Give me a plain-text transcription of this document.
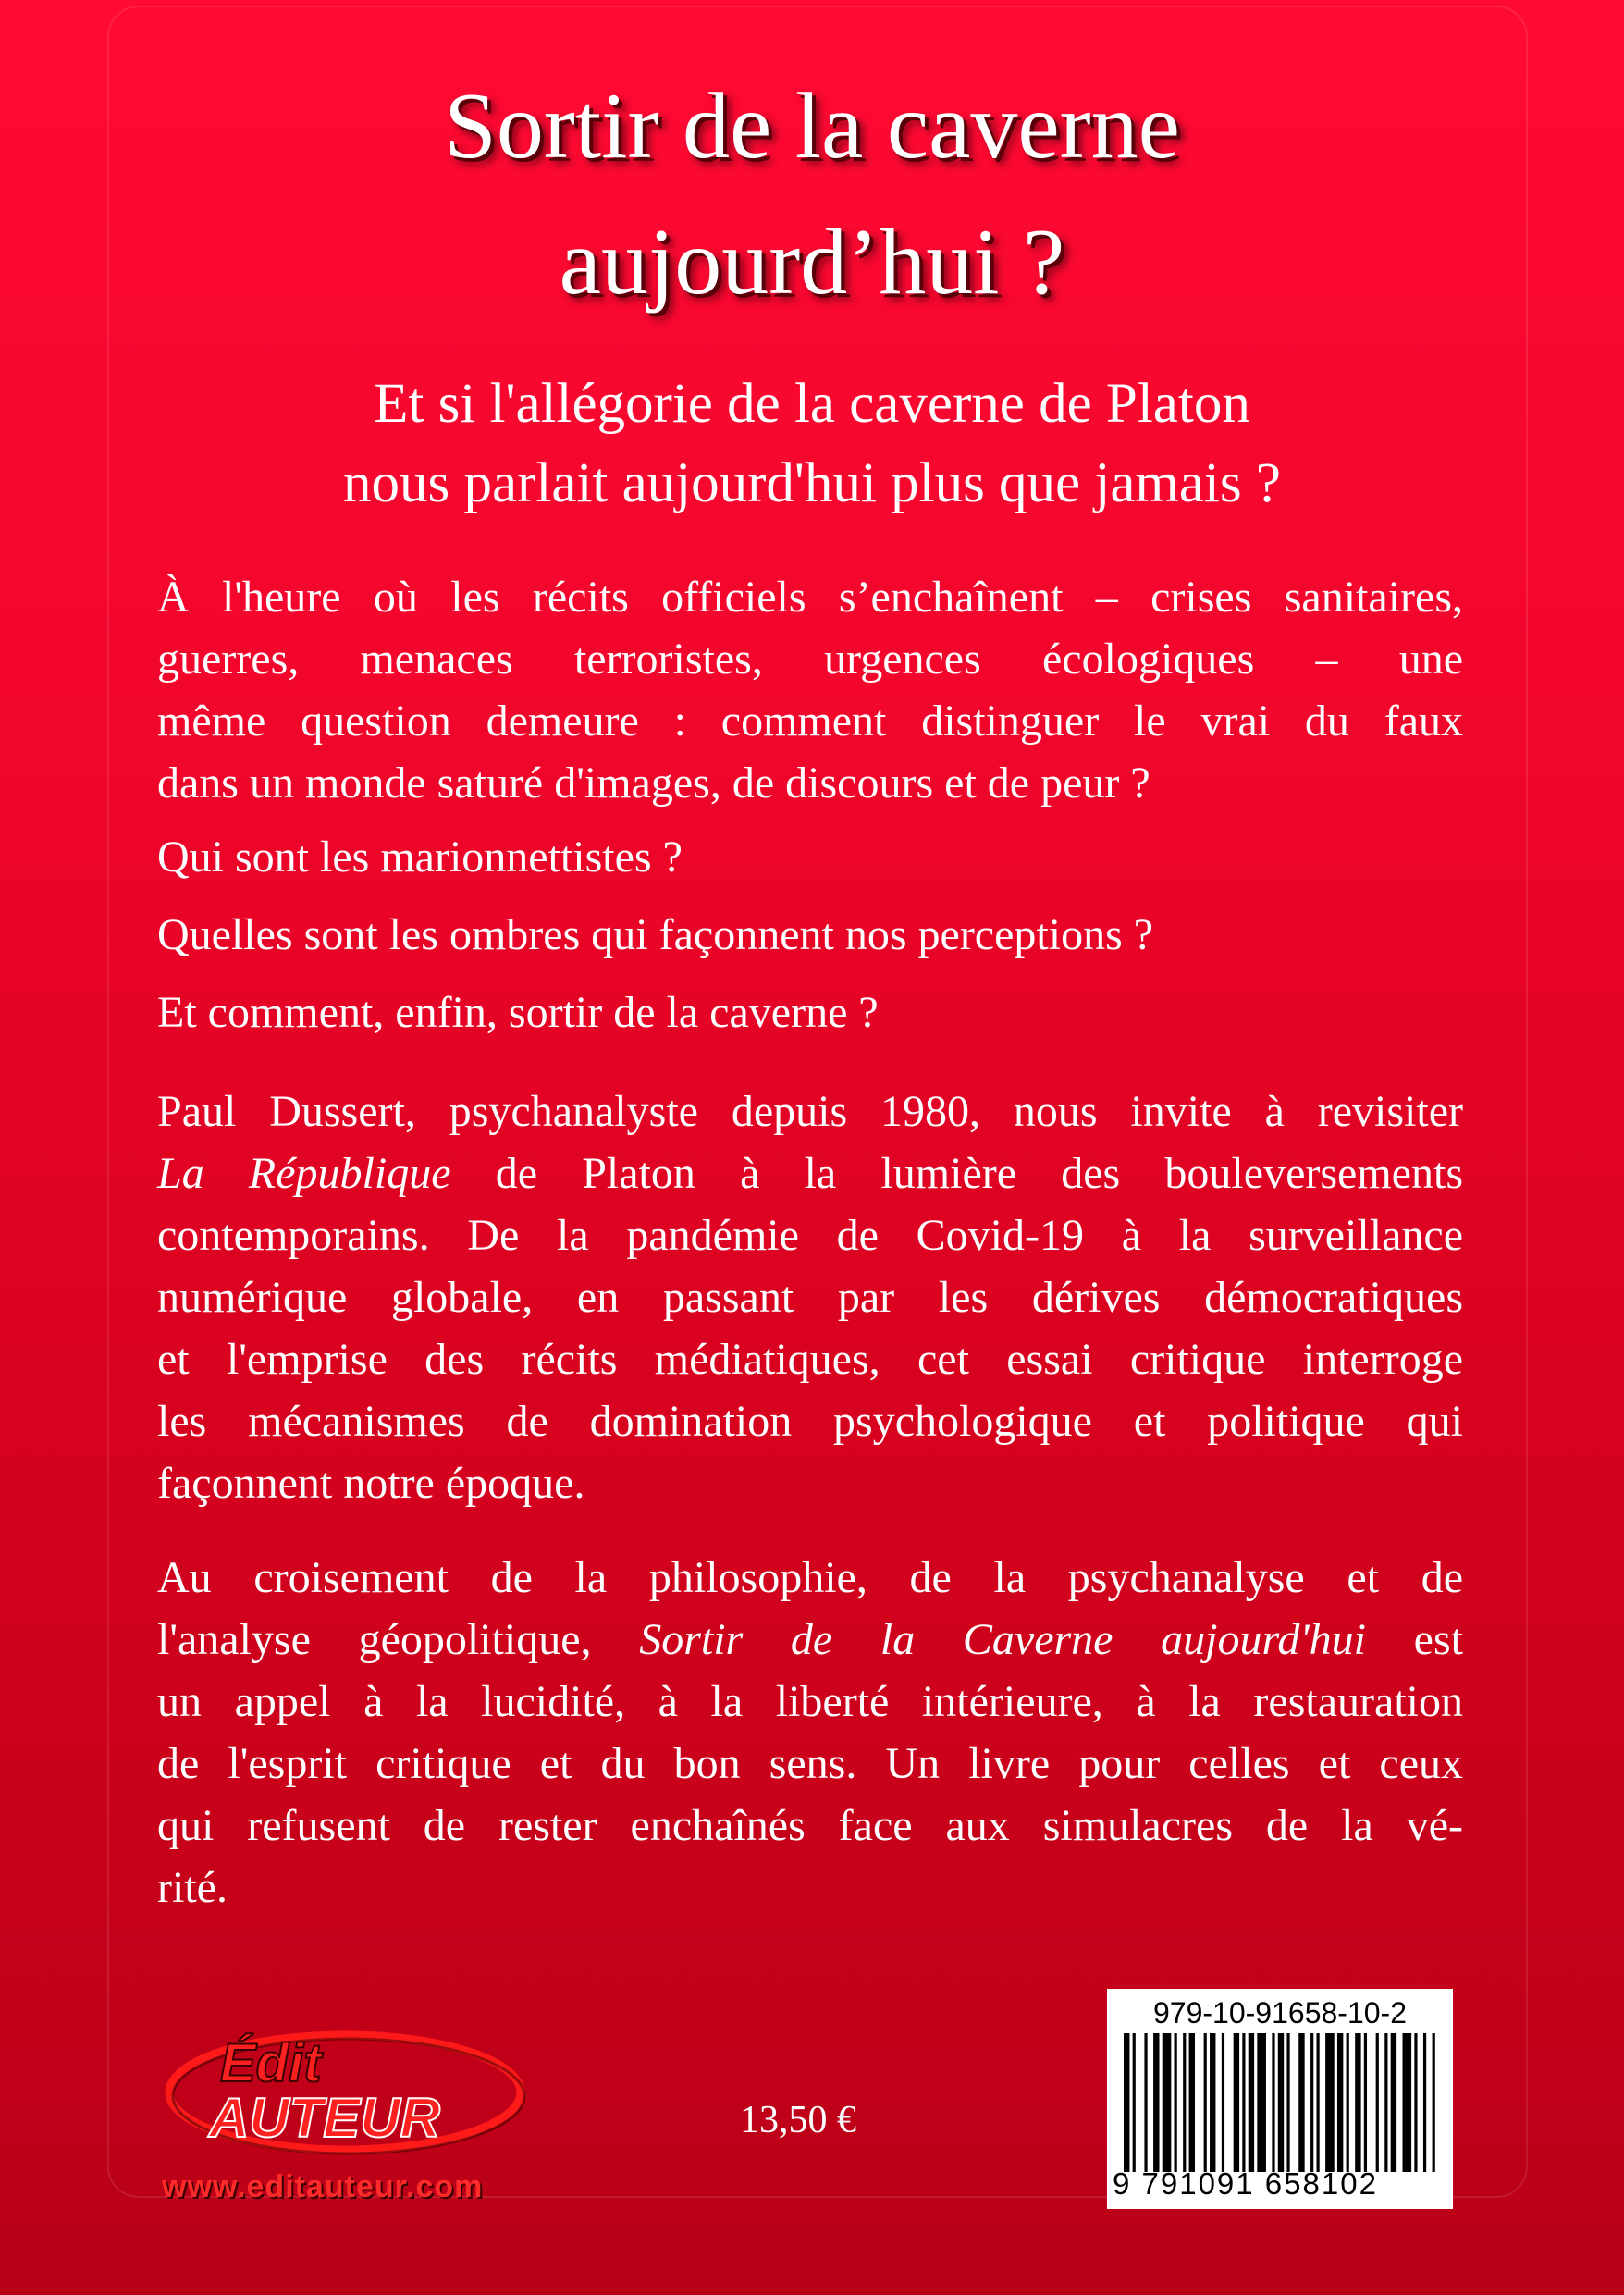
Sortir de la caverne
aujourd’hui ?

Et si l'allégorie de la caverne de Platon

nous parlait aujourd'hui plus que jamais ?

À l'heure où les récits officiels s’enchaînent – crises sanitaires,
guerres, menaces terroristes, urgences écologiques – une
même question demeure : comment distinguer le vrai du faux
dans un monde saturé d'images, de discours et de peur ?

Qui sont les marionnettistes ?

Quelles sont les ombres qui façonnent nos perceptions ?

Et comment, enfin, sortir de la caverne ?

Paul Dussert, psychanalyste depuis 1980, nous invite à revisiter
La République de Platon à la lumière des bouleversements
contemporains. De la pandémie de Covid-19 à la surveillance
numérique globale, en passant par les dérives démocratiques
et l'emprise des récits médiatiques, cet essai critique interroge
les mécanismes de domination psychologique et politique qui
façonnent notre époque.
Au croisement de la philosophie, de la psychanalyse et de
l'analyse géopolitique, Sortir de la Caverne aujourd'hui est
un appel à la lucidité, à la liberté intérieure, à la restauration
de l'esprit critique et du bon sens. Un livre pour celles et ceux
qui refusent de rester enchaînés face aux simulacres de la vé-
rité.
Édit
AUTEUR
www.editauteur.com
13,50 €
979-10-91658-10-2
9 791091 658102
